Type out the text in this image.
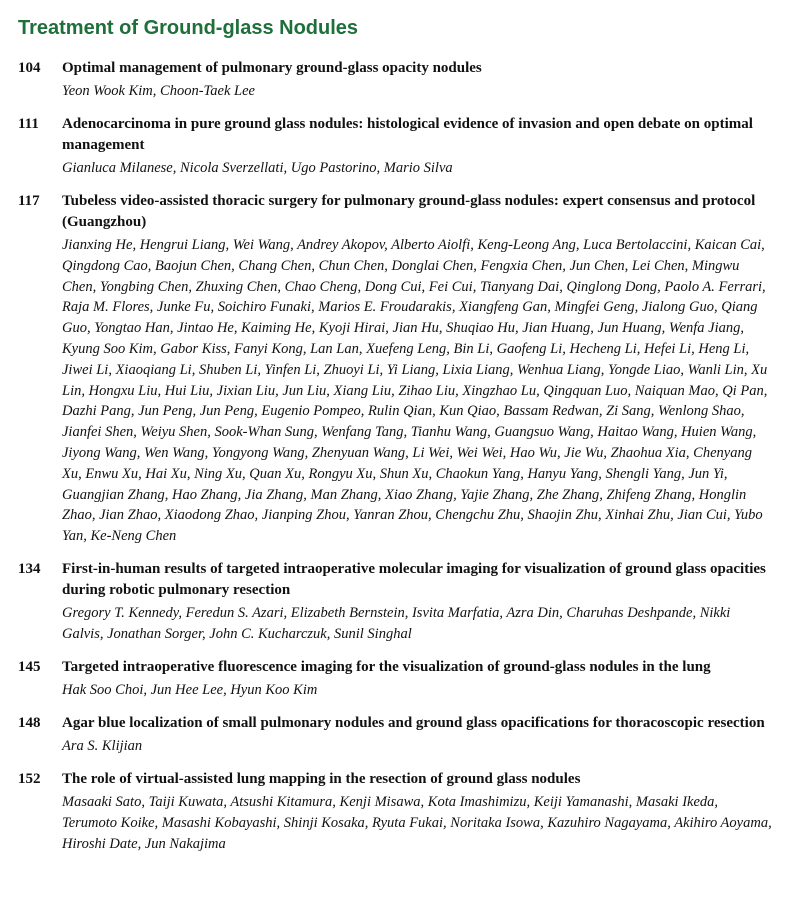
Treatment of Ground-glass Nodules
104 Optimal management of pulmonary ground-glass opacity nodules

Yeon Wook Kim, Choon-Taek Lee

111 Adenocarcinoma in pure ground glass nodules: histological evidence of invasion and open debate on optimal management

Gianluca Milanese, Nicola Sverzellati, Ugo Pastorino, Mario Silva

117 Tubeless video-assisted thoracic surgery for pulmonary ground-glass nodules: expert consensus and protocol (Guangzhou)

Jianxing He, Hengrui Liang, Wei Wang, Andrey Akopov, Alberto Aiolfi, Keng-Leong Ang, Luca Bertolaccini, Kaican Cai, Qingdong Cao, Baojun Chen, Chang Chen, Chun Chen, Donglai Chen, Fengxia Chen, Jun Chen, Lei Chen, Mingwu Chen, Yongbing Chen, Zhuxing Chen, Chao Cheng, Dong Cui, Fei Cui, Tianyang Dai, Qinglong Dong, Paolo A. Ferrari, Raja M. Flores, Junke Fu, Soichiro Funaki, Marios E. Froudarakis, Xiangfeng Gan, Mingfei Geng, Jialong Guo, Qiang Guo, Yongtao Han, Jintao He, Kaiming He, Kyoji Hirai, Jian Hu, Shuqiao Hu, Jian Huang, Jun Huang, Wenfa Jiang, Kyung Soo Kim, Gabor Kiss, Fanyi Kong, Lan Lan, Xuefeng Leng, Bin Li, Gaofeng Li, Hecheng Li, Hefei Li, Heng Li, Jiwei Li, Xiaoqiang Li, Shuben Li, Yinfen Li, Zhuoyi Li, Yi Liang, Lixia Liang, Wenhua Liang, Yongde Liao, Wanli Lin, Xu Lin, Hongxu Liu, Hui Liu, Jixian Liu, Jun Liu, Xiang Liu, Zihao Liu, Xingzhao Lu, Qingquan Luo, Naiquan Mao, Qi Pan, Dazhi Pang, Jun Peng, Jun Peng, Eugenio Pompeo, Rulin Qian, Kun Qiao, Bassam Redwan, Zi Sang, Wenlong Shao, Jianfei Shen, Weiyu Shen, Sook-Whan Sung, Wenfang Tang, Tianhu Wang, Guangsuo Wang, Haitao Wang, Huien Wang, Jiyong Wang, Wen Wang, Yongyong Wang, Zhenyuan Wang, Li Wei, Wei Wei, Hao Wu, Jie Wu, Zhaohua Xia, Chenyang Xu, Enwu Xu, Hai Xu, Ning Xu, Quan Xu, Rongyu Xu, Shun Xu, Chaokun Yang, Hanyu Yang, Shengli Yang, Jun Yi, Guangjian Zhang, Hao Zhang, Jia Zhang, Man Zhang, Xiao Zhang, Yajie Zhang, Zhe Zhang, Zhifeng Zhang, Honglin Zhao, Jian Zhao, Xiaodong Zhao, Jianping Zhou, Yanran Zhou, Chengchu Zhu, Shaojin Zhu, Xinhai Zhu, Jian Cui, Yubo Yan, Ke-Neng Chen

134 First-in-human results of targeted intraoperative molecular imaging for visualization of ground glass opacities during robotic pulmonary resection

Gregory T. Kennedy, Feredun S. Azari, Elizabeth Bernstein, Isvita Marfatia, Azra Din, Charuhas Deshpande, Nikki Galvis, Jonathan Sorger, John C. Kucharczuk, Sunil Singhal

145 Targeted intraoperative fluorescence imaging for the visualization of ground-glass nodules in the lung

Hak Soo Choi, Jun Hee Lee, Hyun Koo Kim

148 Agar blue localization of small pulmonary nodules and ground glass opacifications for thoracoscopic resection

Ara S. Klijian

152 The role of virtual-assisted lung mapping in the resection of ground glass nodules

Masaaki Sato, Taiji Kuwata, Atsushi Kitamura, Kenji Misawa, Kota Imashimizu, Keiji Yamanashi, Masaki Ikeda, Terumoto Koike, Masashi Kobayashi, Shinji Kosaka, Ryuta Fukai, Noritaka Isowa, Kazuhiro Nagayama, Akihiro Aoyama, Hiroshi Date, Jun Nakajima
